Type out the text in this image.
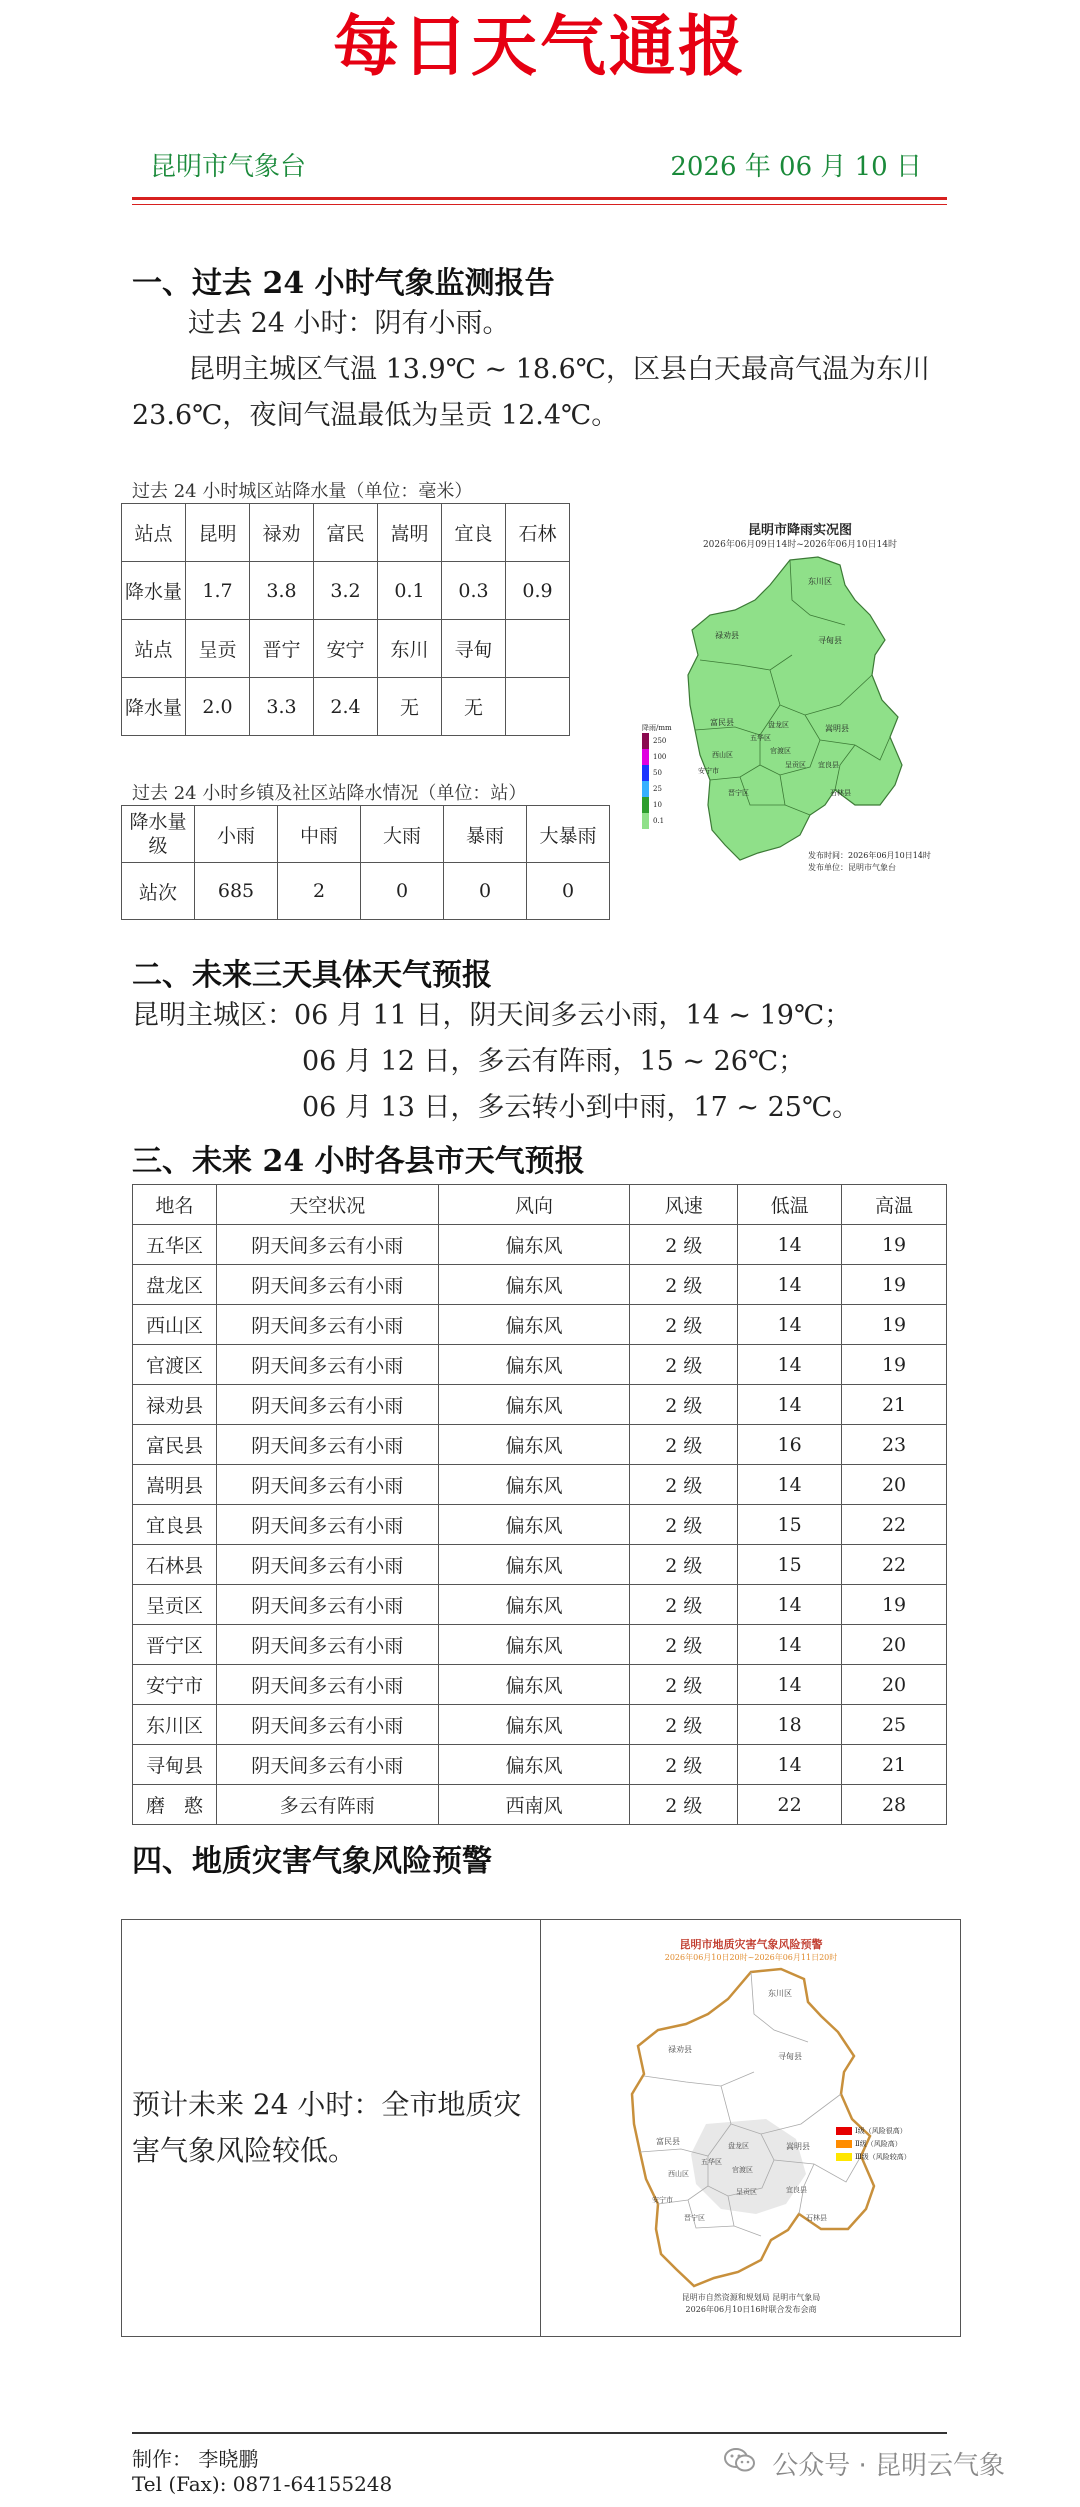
每日天气通报
昆明市气象台	2026 年 06 月 10 日
一、过去 24 小时气象监测报告
过去 24 小时：阴有小雨。
昆明主城区气温 13.9℃ ~ 18.6℃，区县白天最高气温为东川
23.6℃，夜间气温最低为呈贡 12.4℃。
过去 24 小时城区站降水量（单位：毫米）
站点	昆明	禄劝	富民	嵩明	宜良	石林
降水量	1.7	3.8	3.2	0.1	0.3	0.9
站点	呈贡	晋宁	安宁	东川	寻甸	
降水量	2.0	3.3	2.4	无	无	
过去 24 小时乡镇及社区站降水情况（单位：站）
降水量级	小雨	中雨	大雨	暴雨	大暴雨
站次	685	2	0	0	0
昆明市降雨实况图
2026年06月09日14时~2026年06月10日14时
东川区
禄劝县
寻甸县
富民县
嵩明县
盘龙区
五华区
西山区	官渡区
呈贡区
安宁市
晋宁区
宜良县
石林县
降雨/mm
250
100
50
25
10
0.1
发布时间：2026年06月10日14时
发布单位：昆明市气象台
二、未来三天具体天气预报
昆明主城区：06 月 11 日，阴天间多云小雨，14 ~ 19℃；
06 月 12 日，多云有阵雨，15 ~ 26℃；
06 月 13 日，多云转小到中雨，17 ~ 25℃。
三、未来 24 小时各县市天气预报
地名	天空状况	风向	风速	低温	高温
五华区	阴天间多云有小雨	偏东风	2 级	14	19
盘龙区	阴天间多云有小雨	偏东风	2 级	14	19
西山区	阴天间多云有小雨	偏东风	2 级	14	19
官渡区	阴天间多云有小雨	偏东风	2 级	14	19
禄劝县	阴天间多云有小雨	偏东风	2 级	14	21
富民县	阴天间多云有小雨	偏东风	2 级	16	23
嵩明县	阴天间多云有小雨	偏东风	2 级	14	20
宜良县	阴天间多云有小雨	偏东风	2 级	15	22
石林县	阴天间多云有小雨	偏东风	2 级	15	22
呈贡区	阴天间多云有小雨	偏东风	2 级	14	19
晋宁区	阴天间多云有小雨	偏东风	2 级	14	20
安宁市	阴天间多云有小雨	偏东风	2 级	14	20
东川区	阴天间多云有小雨	偏东风	2 级	18	25
寻甸县	阴天间多云有小雨	偏东风	2 级	14	21
磨　憨	多云有阵雨	西南风	2 级	22	28
四、地质灾害气象风险预警
预计未来 24 小时：全市地质灾害气象风险较低。
昆明市地质灾害气象风险预警
2026年06月10日20时~2026年06月11日20时
东川区
禄劝县
寻甸县
富民县
嵩明县
盘龙区
五华区
官渡区
西山区
呈贡区	宜良县
安宁市
晋宁区	石林县
Ⅰ级（风险很高）
Ⅱ级（风险高）
Ⅲ级（风险较高）
昆明市自然资源和规划局 昆明市气象局
2026年06月10日16时联合发布会商
制作： 李晓鹏
Tel (Fax): 0871-64155248
公众号 · 昆明云气象
